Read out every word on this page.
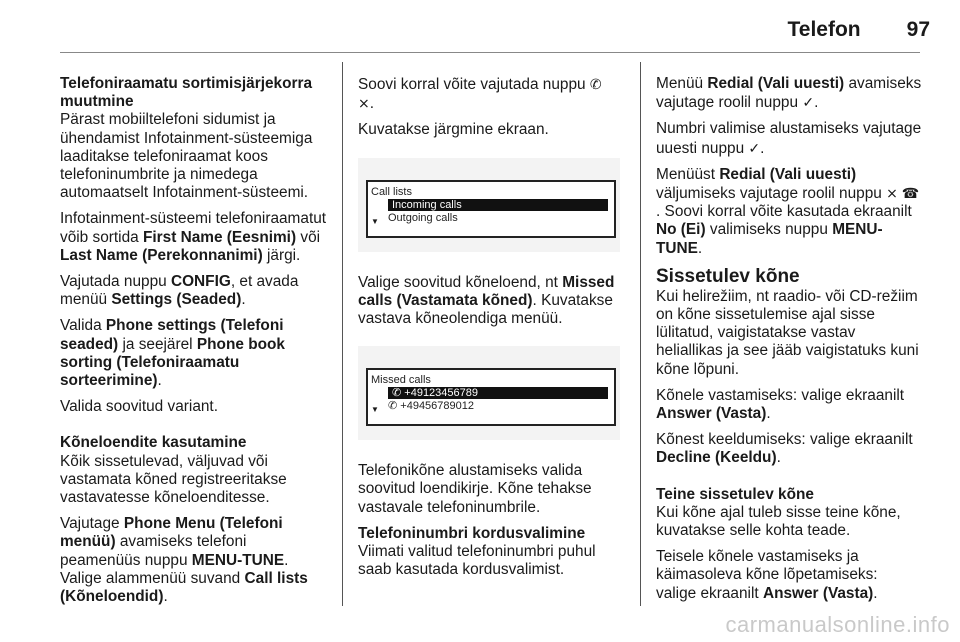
Telefon 97
Telefoniraamatu sortimisjärjekorra muutmine

Pärast mobiiltelefoni sidumist ja ühendamist Infotainment-süsteemiga laaditakse telefoniraamat koos telefoninumbrite ja nimedega automaatselt Infotainment-süsteemi.

Infotainment-süsteemi telefoniraamatut võib sortida First Name (Eesnimi) või Last Name (Perekonnanimi) järgi.

Vajutada nuppu CONFIG, et avada menüü Settings (Seaded).

Valida Phone settings (Telefoni seaded) ja seejärel Phone book sorting (Telefoniraamatu sorteerimine).

Valida soovitud variant.

Kõneloendite kasutamine

Kõik sissetulevad, väljuvad või vastamata kõned registreeritakse vastavatesse kõneloenditesse.

Vajutage Phone Menu (Telefoni menüü) avamiseks telefoni peamenüüs nuppu MENU-TUNE. Valige alammenüü suvand Call lists (Kõneloendid).

Soovi korral võite vajutada nuppu ✆
⨯.

Kuvatakse järgmine ekraan.

Call lists
Incoming calls
▼ Outgoing calls

Valige soovitud kõneloend, nt Missed calls (Vastamata kõned). Kuvatakse vastava kõneolendiga menüü.

Missed calls
✆ +49123456789
▼ ✆ +49456789012

Telefonikõne alustamiseks valida soovitud loendikirje. Kõne tehakse vastavale telefoninumbrile.

Telefoninumbri kordusvalimine

Viimati valitud telefoninumbri puhul saab kasutada kordusvalimist.

Menüü Redial (Vali uuesti) avamiseks vajutage roolil nuppu ✓.

Numbri valimise alustamiseks vajutage uuesti nuppu ✓.

Menüüst Redial (Vali uuesti) väljumiseks vajutage roolil nuppu ⨯ ☎. Soovi korral võite kasutada ekraanilt No (Ei) valimiseks nuppu MENU-TUNE.

Sissetulev kõne

Kui helirežiim, nt raadio- või CD-režiim on kõne sissetulemise ajal sisse lülitatud, vaigistatakse vastav heliallikas ja see jääb vaigistatuks kuni kõne lõpuni.

Kõnele vastamiseks: valige ekraanilt Answer (Vasta).

Kõnest keeldumiseks: valige ekraanilt Decline (Keeldu).

Teine sissetulev kõne

Kui kõne ajal tuleb sisse teine kõne, kuvatakse selle kohta teade.

Teisele kõnele vastamiseks ja käimasoleva kõne lõpetamiseks: valige ekraanilt Answer (Vasta).

carmanualsonline.info
